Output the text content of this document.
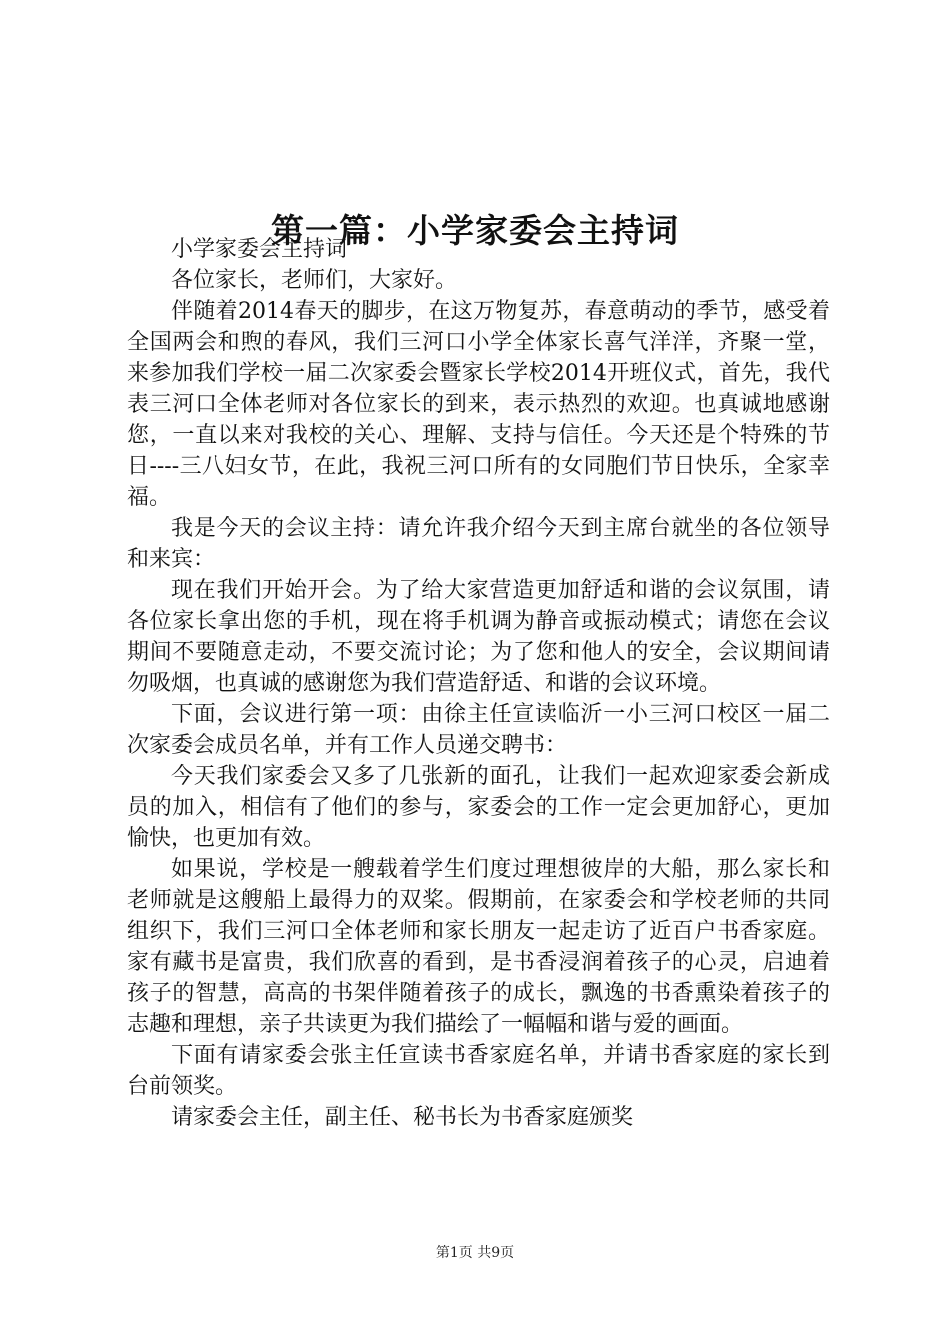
第一篇：小学家委会主持词

小学家委会主持词

各位家长，老师们，大家好。

伴随着2014春天的脚步，在这万物复苏，春意萌动的季节，感受着全国两会和煦的春风，我们三河口小学全体家长喜气洋洋，齐聚一堂，来参加我们学校一届二次家委会暨家长学校2014开班仪式，首先，我代表三河口全体老师对各位家长的到来，表示热烈的欢迎。也真诚地感谢您，一直以来对我校的关心、理解、支持与信任。今天还是个特殊的节日----三八妇女节，在此，我祝三河口所有的女同胞们节日快乐，全家幸福。

我是今天的会议主持：请允许我介绍今天到主席台就坐的各位领导和来宾：

现在我们开始开会。为了给大家营造更加舒适和谐的会议氛围，请各位家长拿出您的手机，现在将手机调为静音或振动模式；请您在会议期间不要随意走动，不要交流讨论；为了您和他人的安全，会议期间请勿吸烟，也真诚的感谢您为我们营造舒适、和谐的会议环境。

下面，会议进行第一项：由徐主任宣读临沂一小三河口校区一届二次家委会成员名单，并有工作人员递交聘书：

今天我们家委会又多了几张新的面孔，让我们一起欢迎家委会新成员的加入，相信有了他们的参与，家委会的工作一定会更加舒心，更加愉快，也更加有效。

如果说，学校是一艘载着学生们度过理想彼岸的大船，那么家长和老师就是这艘船上最得力的双桨。假期前，在家委会和学校老师的共同组织下，我们三河口全体老师和家长朋友一起走访了近百户书香家庭。家有藏书是富贵，我们欣喜的看到，是书香浸润着孩子的心灵，启迪着孩子的智慧，高高的书架伴随着孩子的成长，飘逸的书香熏染着孩子的志趣和理想，亲子共读更为我们描绘了一幅幅和谐与爱的画面。

下面有请家委会张主任宣读书香家庭名单，并请书香家庭的家长到台前领奖。

请家委会主任，副主任、秘书长为书香家庭颁奖

第1页 共9页
